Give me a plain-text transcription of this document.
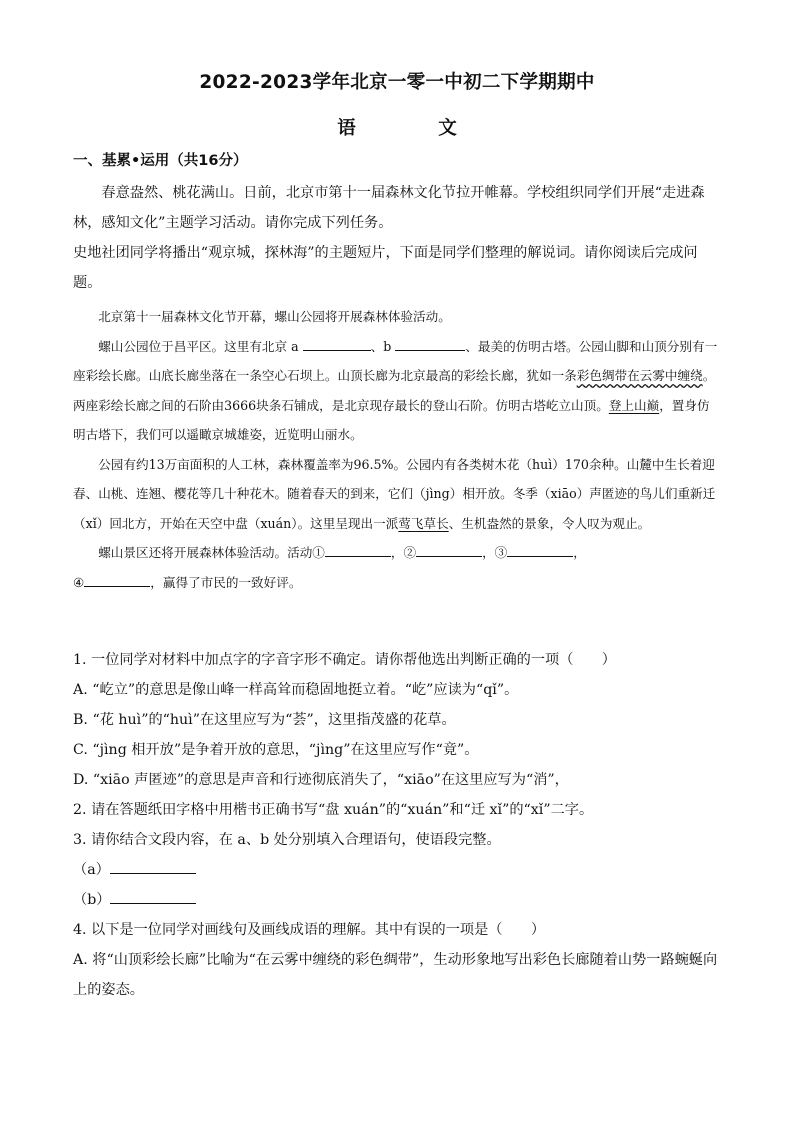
2022-2023学年北京一零一中初二下学期期中
语 文
一、基累•运用（共16分）

春意盎然、桃花满山。日前，北京市第十一届森林文化节拉开帷幕。学校组织同学们开展“走进森林，感知文化”主题学习活动。请你完成下列任务。

史地社团同学将播出“观京城，探林海”的主题短片，下面是同学们整理的解说词。请你阅读后完成问题。

北京第十一届森林文化节开幕，螺山公园将开展森林体验活动。

螺山公园位于昌平区。这里有北京 a	、b	、最美的仿明古塔。公园山脚和山顶分别有一座彩绘长廊。山底长廊坐落在一条空心石坝上。山顶长廊为北京最高的彩绘长廊，犹如一条彩色绸带在云雾中缠绕。两座彩绘长廊之间的石阶由3666块条石铺成，是北京现存最长的登山石阶。仿明古塔屹立山顶。登上山巅，置身仿明古塔下，我们可以遥瞰京城雄姿，近览明山丽水。

公园有约13万亩面积的人工林，森林覆盖率为96.5%。公园内有各类树木花（huì）170余种。山麓中生长着迎春、山桃、连翘、樱花等几十种花木。随着春天的到来，它们（jìng）相开放。冬季（xiāo）声匿迹的鸟儿们重新迁（xǐ）回北方，开始在天空中盘（xuán）。这里呈现出一派莺飞草长、生机盎然的景象，令人叹为观止。

螺山景区还将开展森林体验活动。活动①	，②	，③	，

④	，赢得了市民的一致好评。

1. 一位同学对材料中加点字的字音字形不确定。请你帮他选出判断正确的一项（　　）

A. “屹立”的意思是像山峰一样高耸而稳固地挺立着。“屹”应读为“qǐ”。

B. “花 huì”的“huì”在这里应写为“荟”，这里指茂盛的花草。

C. “jìng 相开放”是争着开放的意思，“jìng”在这里应写作“竟”。

D. “xiāo 声匿迹”的意思是声音和行迹彻底消失了，“xiāo”在这里应写为“消”，

2. 请在答题纸田字格中用楷书正确书写“盘 xuán”的“xuán”和“迁 xǐ”的“xǐ”二字。

3. 请你结合文段内容，在 a、b 处分别填入合理语句，使语段完整。

（a）

（b）

4. 以下是一位同学对画线句及画线成语的理解。其中有误的一项是（　　）

A. 将“山顶彩绘长廊”比喻为“在云雾中缠绕的彩色绸带”，生动形象地写出彩色长廊随着山势一路蜿蜒向上的姿态。
